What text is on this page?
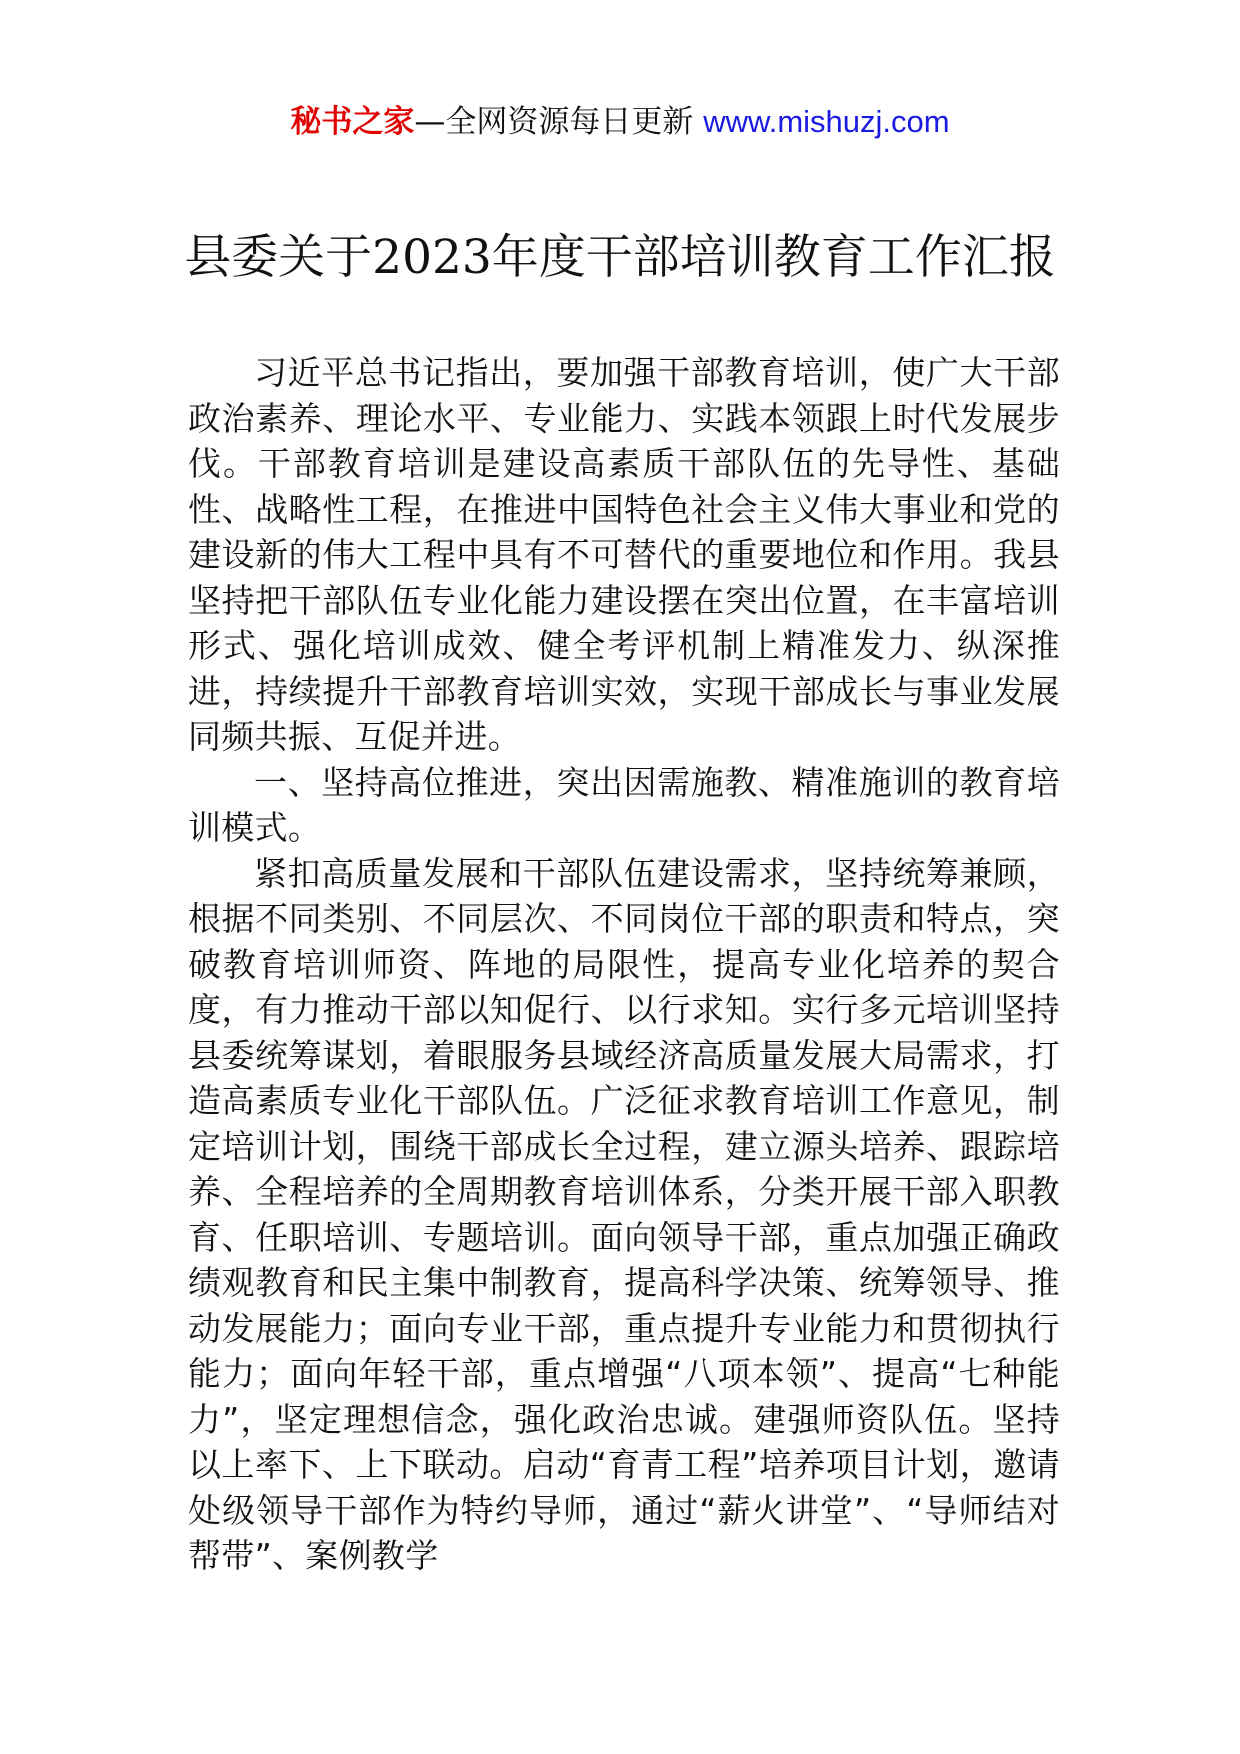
秘书之家—全网资源每日更新 www.mishuzj.com
县委关于2023年度干部培训教育工作汇报

习近平总书记指出，要加强干部教育培训，使广大干部政治素养、理论水平、专业能力、实践本领跟上时代发展步伐。干部教育培训是建设高素质干部队伍的先导性、基础性、战略性工程，在推进中国特色社会主义伟大事业和党的建设新的伟大工程中具有不可替代的重要地位和作用。我县坚持把干部队伍专业化能力建设摆在突出位置，在丰富培训形式、强化培训成效、健全考评机制上精准发力、纵深推进，持续提升干部教育培训实效，实现干部成长与事业发展同频共振、互促并进。

一、坚持高位推进，突出因需施教、精准施训的教育培训模式。

紧扣高质量发展和干部队伍建设需求，坚持统筹兼顾，根据不同类别、不同层次、不同岗位干部的职责和特点，突破教育培训师资、阵地的局限性，提高专业化培养的契合度，有力推动干部以知促行、以行求知。实行多元培训坚持县委统筹谋划，着眼服务县域经济高质量发展大局需求，打造高素质专业化干部队伍。广泛征求教育培训工作意见，制定培训计划，围绕干部成长全过程，建立源头培养、跟踪培养、全程培养的全周期教育培训体系，分类开展干部入职教育、任职培训、专题培训。面向领导干部，重点加强正确政绩观教育和民主集中制教育，提高科学决策、统筹领导、推动发展能力；面向专业干部，重点提升专业能力和贯彻执行能力；面向年轻干部，重点增强“八项本领”、提高“七种能力”，坚定理想信念，强化政治忠诚。建强师资队伍。坚持以上率下、上下联动。启动“育青工程”培养项目计划，邀请处级领导干部作为特约导师，通过“薪火讲堂”、“导师结对帮带”、案例教学
